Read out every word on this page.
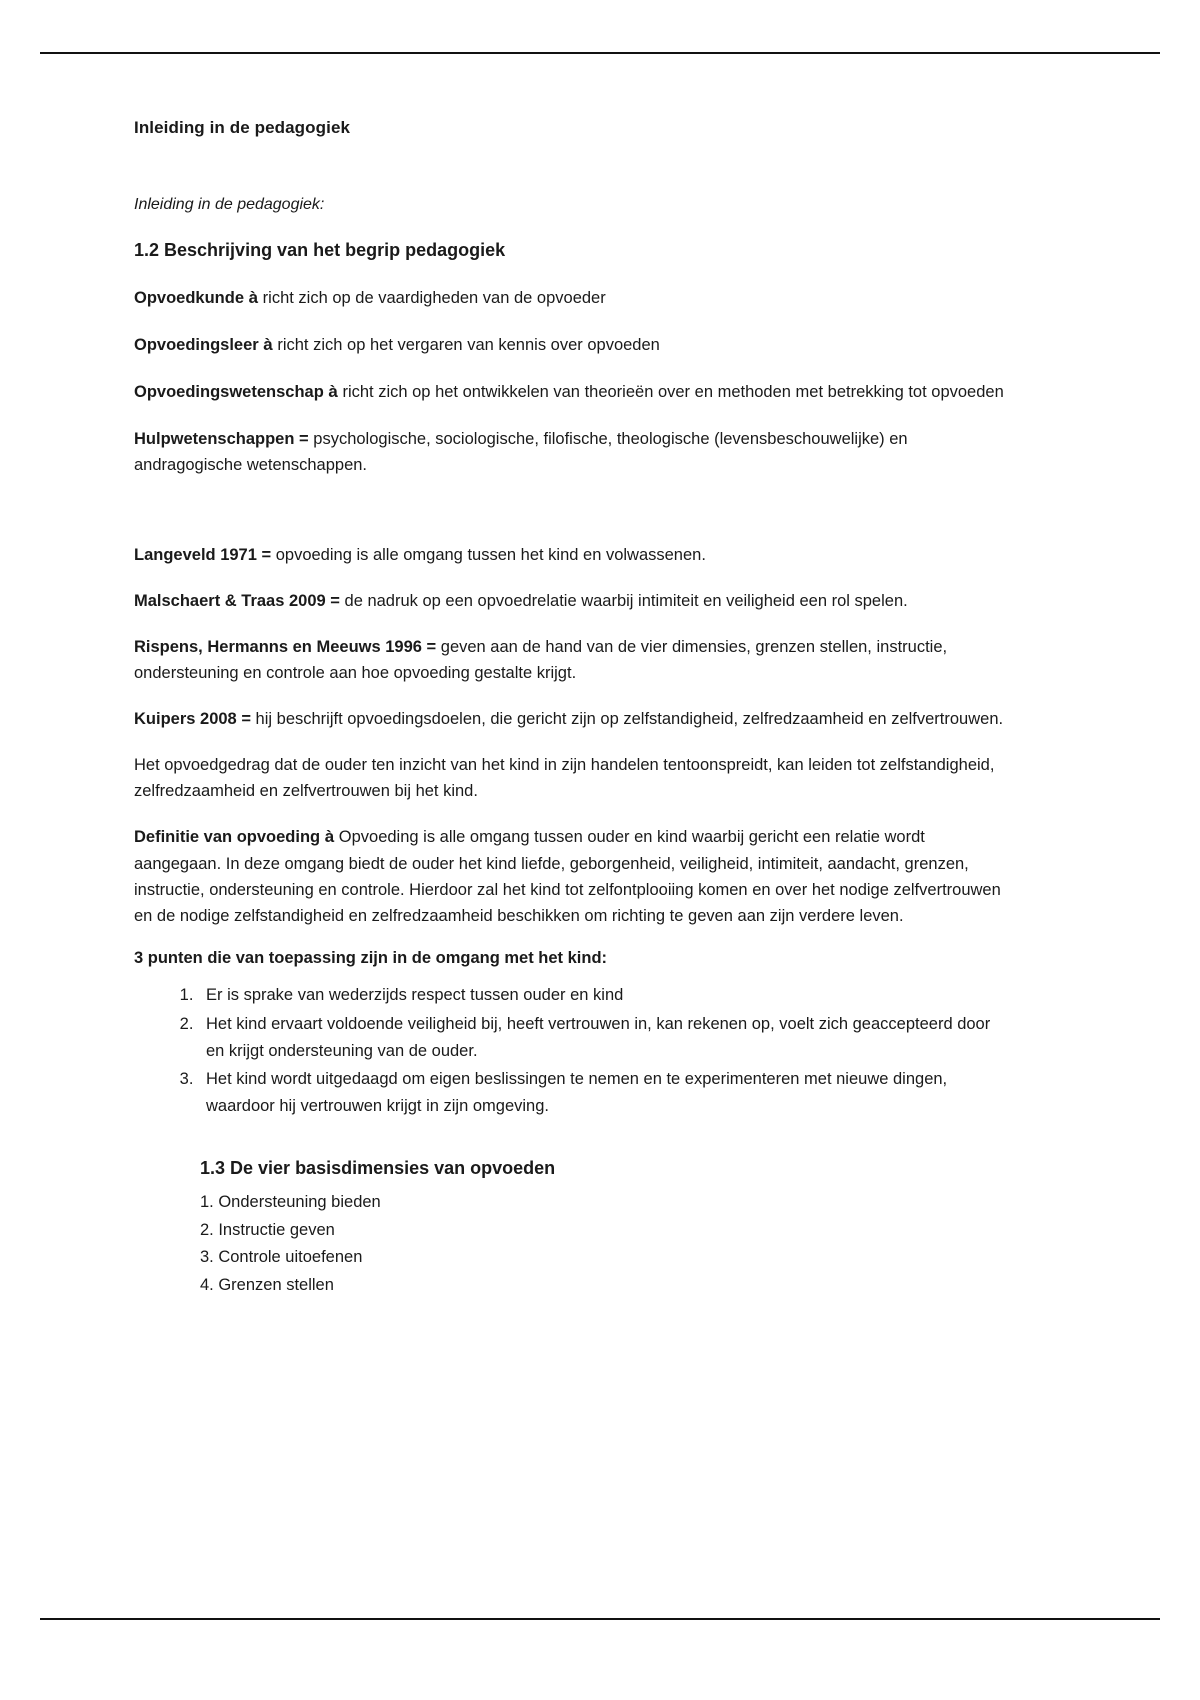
Inleiding in de pedagogiek
Inleiding in de pedagogiek:
1.2 Beschrijving van het begrip pedagogiek

Opvoedkunde à richt zich op de vaardigheden van de opvoeder

Opvoedingsleer à richt zich op het vergaren van kennis over opvoeden

Opvoedingswetenschap à richt zich op het ontwikkelen van theorieën over en methoden met betrekking tot opvoeden

Hulpwetenschappen = psychologische, sociologische, filofische, theologische (levensbeschouwelijke) en andragogische wetenschappen.

Langeveld 1971 = opvoeding is alle omgang tussen het kind en volwassenen.

Malschaert & Traas 2009 = de nadruk op een opvoedrelatie waarbij intimiteit en veiligheid een rol spelen.

Rispens, Hermanns en Meeuws 1996 = geven aan de hand van de vier dimensies, grenzen stellen, instructie, ondersteuning en controle aan hoe opvoeding gestalte krijgt.

Kuipers 2008 = hij beschrijft opvoedingsdoelen, die gericht zijn op zelfstandigheid, zelfredzaamheid en zelfvertrouwen.

Het opvoedgedrag dat de ouder ten inzicht van het kind in zijn handelen tentoonspreidt, kan leiden tot zelfstandigheid, zelfredzaamheid en zelfvertrouwen bij het kind.

Definitie van opvoeding à Opvoeding is alle omgang tussen ouder en kind waarbij gericht een relatie wordt aangegaan. In deze omgang biedt de ouder het kind liefde, geborgenheid, veiligheid, intimiteit, aandacht, grenzen, instructie, ondersteuning en controle. Hierdoor zal het kind tot zelfontplooiing komen en over het nodige zelfvertrouwen en de nodige zelfstandigheid en zelfredzaamheid beschikken om richting te geven aan zijn verdere leven.

3 punten die van toepassing zijn in de omgang met het kind:
1. Er is sprake van wederzijds respect tussen ouder en kind
2. Het kind ervaart voldoende veiligheid bij, heeft vertrouwen in, kan rekenen op, voelt zich geaccepteerd door en krijgt ondersteuning van de ouder.
3. Het kind wordt uitgedaagd om eigen beslissingen te nemen en te experimenteren met nieuwe dingen, waardoor hij vertrouwen krijgt in zijn omgeving.
1.3 De vier basisdimensies van opvoeden

1. Ondersteuning bieden

2. Instructie geven

3. Controle uitoefenen

4. Grenzen stellen
